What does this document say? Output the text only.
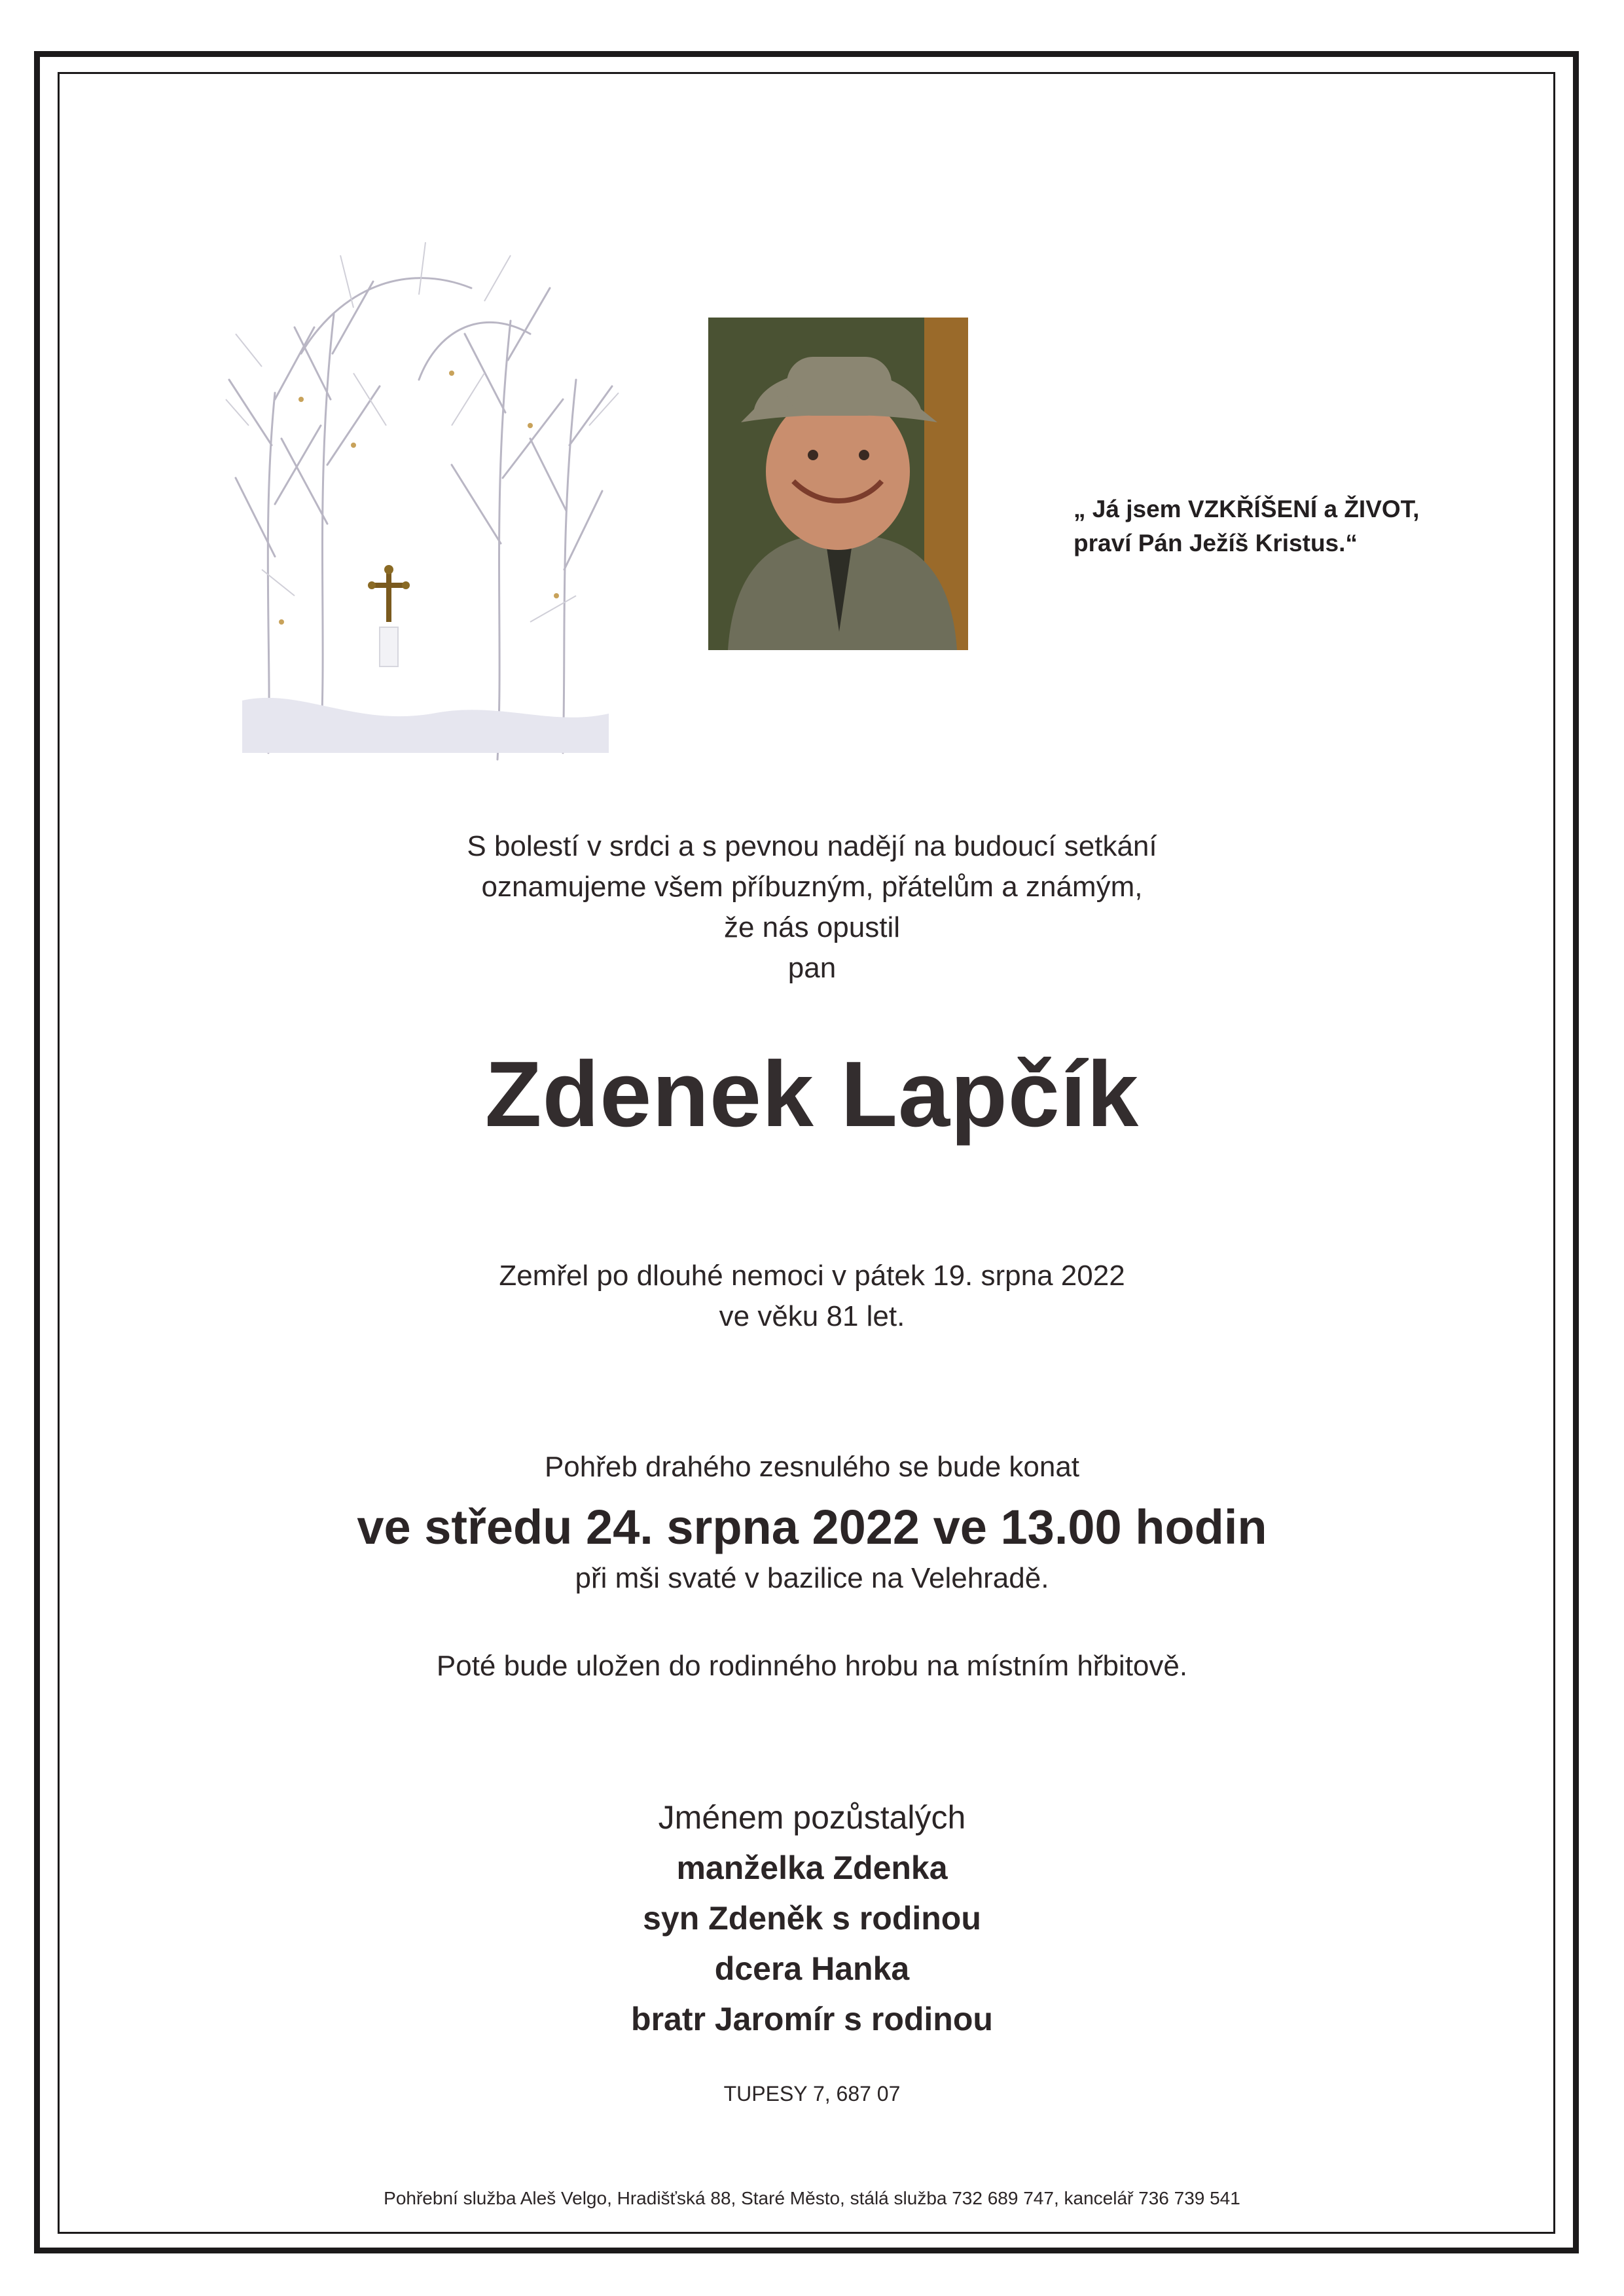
„ Já jsem VZKŘÍŠENÍ a ŽIVOT,
praví Pán Ježíš Kristus.“
S bolestí v srdci a s pevnou nadějí na budoucí setkání
oznamujeme všem příbuzným, přátelům a známým,
že nás opustil
pan
Zdenek Lapčík
Zemřel po dlouhé nemoci v pátek 19. srpna 2022
ve věku 81 let.
Pohřeb drahého zesnulého se bude konat
ve středu 24. srpna 2022 ve 13.00 hodin
při mši svaté v bazilice na Velehradě.
Poté bude uložen do rodinného hrobu na místním hřbitově.
Jménem pozůstalých
manželka Zdenka
syn Zdeněk s rodinou
dcera Hanka
bratr Jaromír s rodinou
TUPESY 7, 687 07
Pohřební služba Aleš Velgo, Hradišťská 88, Staré Město, stálá služba 732 689 747, kancelář 736 739 541
